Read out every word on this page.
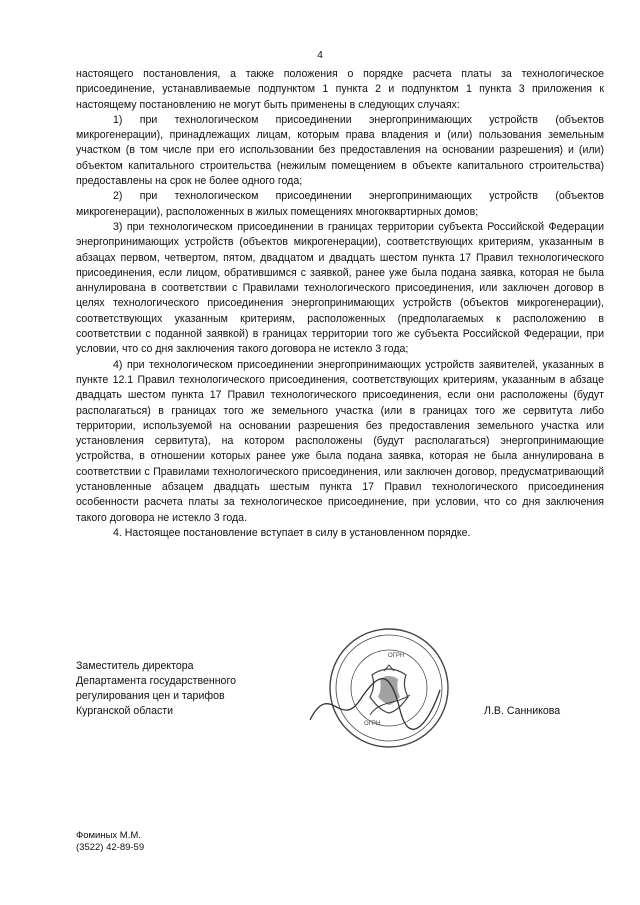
4

настоящего постановления, а также положения о порядке расчета платы за технологическое присоединение, устанавливаемые подпунктом 1 пункта 2 и подпунктом 1 пункта 3 приложения к настоящему постановлению не могут быть применены в следующих случаях:

1) при технологическом присоединении энергопринимающих устройств (объектов микрогенерации), принадлежащих лицам, которым права владения и (или) пользования земельным участком (в том числе при его использовании без предоставления на основании разрешения) и (или) объектом капитального строительства (нежилым помещением в объекте капитального строительства) предоставлены на срок не более одного года;

2) при технологическом присоединении энергопринимающих устройств (объектов микрогенерации), расположенных в жилых помещениях многоквартирных домов;

3) при технологическом присоединении в границах территории субъекта Российской Федерации энергопринимающих устройств (объектов микрогенерации), соответствующих критериям, указанным в абзацах первом, четвертом, пятом, двадцатом и двадцать шестом пункта 17 Правил технологического присоединения, если лицом, обратившимся с заявкой, ранее уже была подана заявка, которая не была аннулирована в соответствии с Правилами технологического присоединения, или заключен договор в целях технологического присоединения энергопринимающих устройств (объектов микрогенерации), соответствующих указанным критериям, расположенных (предполагаемых к расположению в соответствии с поданной заявкой) в границах территории того же субъекта Российской Федерации, при условии, что со дня заключения такого договора не истекло 3 года;

4) при технологическом присоединении энергопринимающих устройств заявителей, указанных в пункте 12.1 Правил технологического присоединения, соответствующих критериям, указанным в абзаце двадцать шестом пункта 17 Правил технологического присоединения, если они расположены (будут располагаться) в границах того же земельного участка (или в границах того же сервитута либо территории, используемой на основании разрешения без предоставления земельного участка или установления сервитута), на котором расположены (будут располагаться) энергопринимающие устройства, в отношении которых ранее уже была подана заявка, которая не была аннулирована в соответствии с Правилами технологического присоединения, или заключен договор, предусматривающий установленные абзацем двадцать шестым пункта 17 Правил технологического присоединения особенности расчета платы за технологическое присоединение, при условии, что со дня заключения такого договора не истекло 3 года.

4. Настоящее постановление вступает в силу в установленном порядке.

ОГРН
ОГРН
Заместитель директора
Департамента государственного
регулирования цен и тарифов
Курганской области	Л.В. Санникова
Фоминых М.М.
(3522) 42-89-59
